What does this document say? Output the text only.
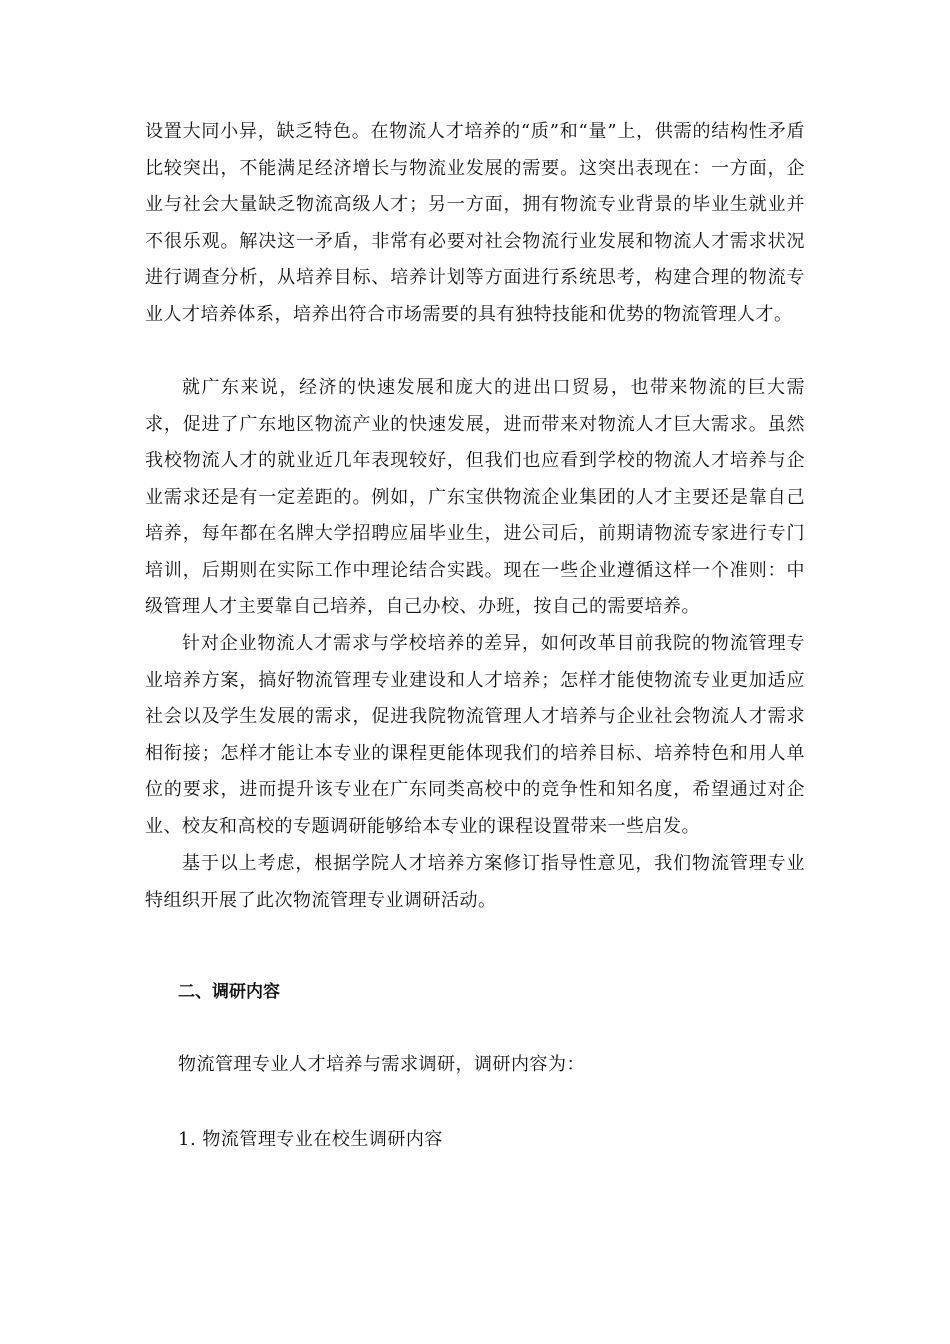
设置大同小异，缺乏特色。在物流人才培养的“质”和“量”上，供需的结构性矛盾比较突出，不能满足经济增长与物流业发展的需要。这突出表现在：一方面，企业与社会大量缺乏物流高级人才；另一方面，拥有物流专业背景的毕业生就业并不很乐观。解决这一矛盾，非常有必要对社会物流行业发展和物流人才需求状况进行调查分析，从培养目标、培养计划等方面进行系统思考，构建合理的物流专业人才培养体系，培养出符合市场需要的具有独特技能和优势的物流管理人才。

就广东来说，经济的快速发展和庞大的进出口贸易，也带来物流的巨大需求，促进了广东地区物流产业的快速发展，进而带来对物流人才巨大需求。虽然我校物流人才的就业近几年表现较好，但我们也应看到学校的物流人才培养与企业需求还是有一定差距的。例如，广东宝供物流企业集团的人才主要还是靠自己培养，每年都在名牌大学招聘应届毕业生，进公司后，前期请物流专家进行专门培训，后期则在实际工作中理论结合实践。现在一些企业遵循这样一个准则：中级管理人才主要靠自己培养，自己办校、办班，按自己的需要培养。

针对企业物流人才需求与学校培养的差异，如何改革目前我院的物流管理专业培养方案，搞好物流管理专业建设和人才培养；怎样才能使物流专业更加适应社会以及学生发展的需求，促进我院物流管理人才培养与企业社会物流人才需求相衔接；怎样才能让本专业的课程更能体现我们的培养目标、培养特色和用人单位的要求，进而提升该专业在广东同类高校中的竞争性和知名度，希望通过对企业、校友和高校的专题调研能够给本专业的课程设置带来一些启发。

基于以上考虑，根据学院人才培养方案修订指导性意见，我们物流管理专业特组织开展了此次物流管理专业调研活动。

二、调研内容

物流管理专业人才培养与需求调研，调研内容为：

1. 物流管理专业在校生调研内容
